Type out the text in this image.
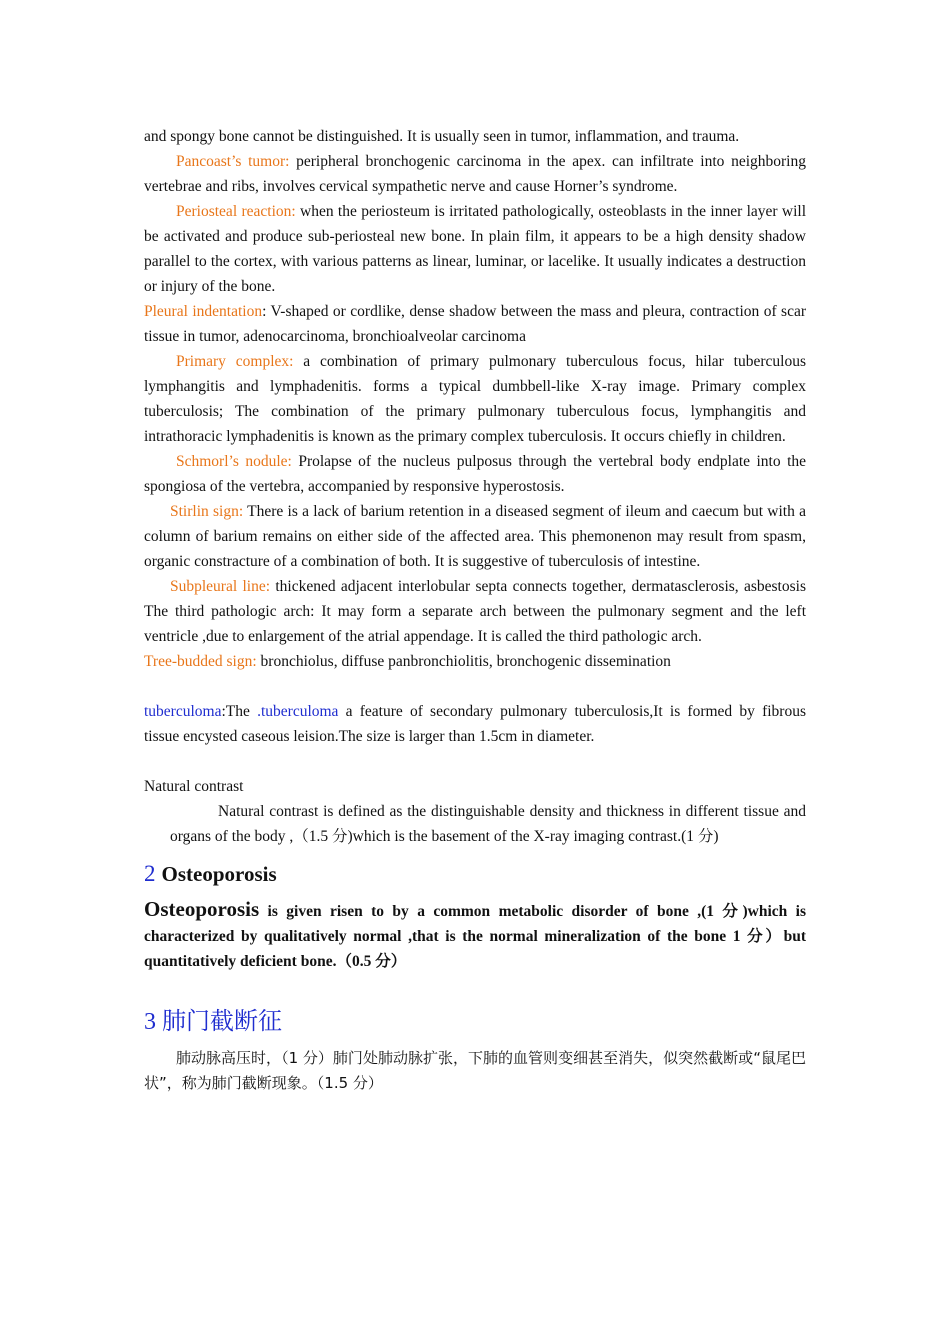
and spongy bone cannot be distinguished. It is usually seen in tumor, inflammation, and trauma.

Pancoast’s tumor: peripheral bronchogenic carcinoma in the apex. can infiltrate into neighboring vertebrae and ribs, involves cervical sympathetic nerve and cause Horner’s syndrome.

Periosteal reaction: when the periosteum is irritated pathologically, osteoblasts in the inner layer will be activated and produce sub-periosteal new bone. In plain film, it appears to be a high density shadow parallel to the cortex, with various patterns as linear, luminar, or lacelike. It usually indicates a destruction or injury of the bone.

Pleural indentation: V-shaped or cordlike, dense shadow between the mass and pleura, contraction of scar tissue in tumor, adenocarcinoma, bronchioalveolar carcinoma

Primary complex: a combination of primary pulmonary tuberculous focus, hilar tuberculous lymphangitis and lymphadenitis. forms a typical dumbbell-like X-ray image. Primary complex tuberculosis; The combination of the primary pulmonary tuberculous focus, lymphangitis and intrathoracic lymphadenitis is known as the primary complex tuberculosis. It occurs chiefly in children.

Schmorl’s nodule: Prolapse of the nucleus pulposus through the vertebral body endplate into the spongiosa of the vertebra, accompanied by responsive hyperostosis.

Stirlin sign: There is a lack of barium retention in a diseased segment of ileum and caecum but with a column of barium remains on either side of the affected area. This phemonenon may result from spasm, organic constracture of a combination of both. It is suggestive of tuberculosis of intestine.

Subpleural line: thickened adjacent interlobular septa connects together, dermatasclerosis, asbestosis The third pathologic arch: It may form a separate arch between the pulmonary segment and the left ventricle ,due to enlargement of the atrial appendage. It is called the third pathologic arch.

Tree-budded sign: bronchiolus, diffuse panbronchiolitis, bronchogenic dissemination

tuberculoma:The .tuberculoma a feature of secondary pulmonary tuberculosis,It is formed by fibrous tissue encysted caseous leision.The size is larger than 1.5cm in diameter.

Natural contrast

Natural contrast is defined as the distinguishable density and thickness in different tissue and organs of the body ,（1.5 分)which is the basement of the X-ray imaging contrast.(1 分)

2 Osteoporosis

Osteoporosis is given risen to by a common metabolic disorder of bone ,(1 分)which is characterized by qualitatively normal ,that is the normal mineralization of the bone 1 分）but quantitatively deficient bone.（0.5 分）

3 肺门截断征

肺动脉高压时，（1 分）肺门处肺动脉扩张，下肺的血管则变细甚至消失，似突然截断或“鼠尾巴状”，称为肺门截断现象。（1.5 分）
